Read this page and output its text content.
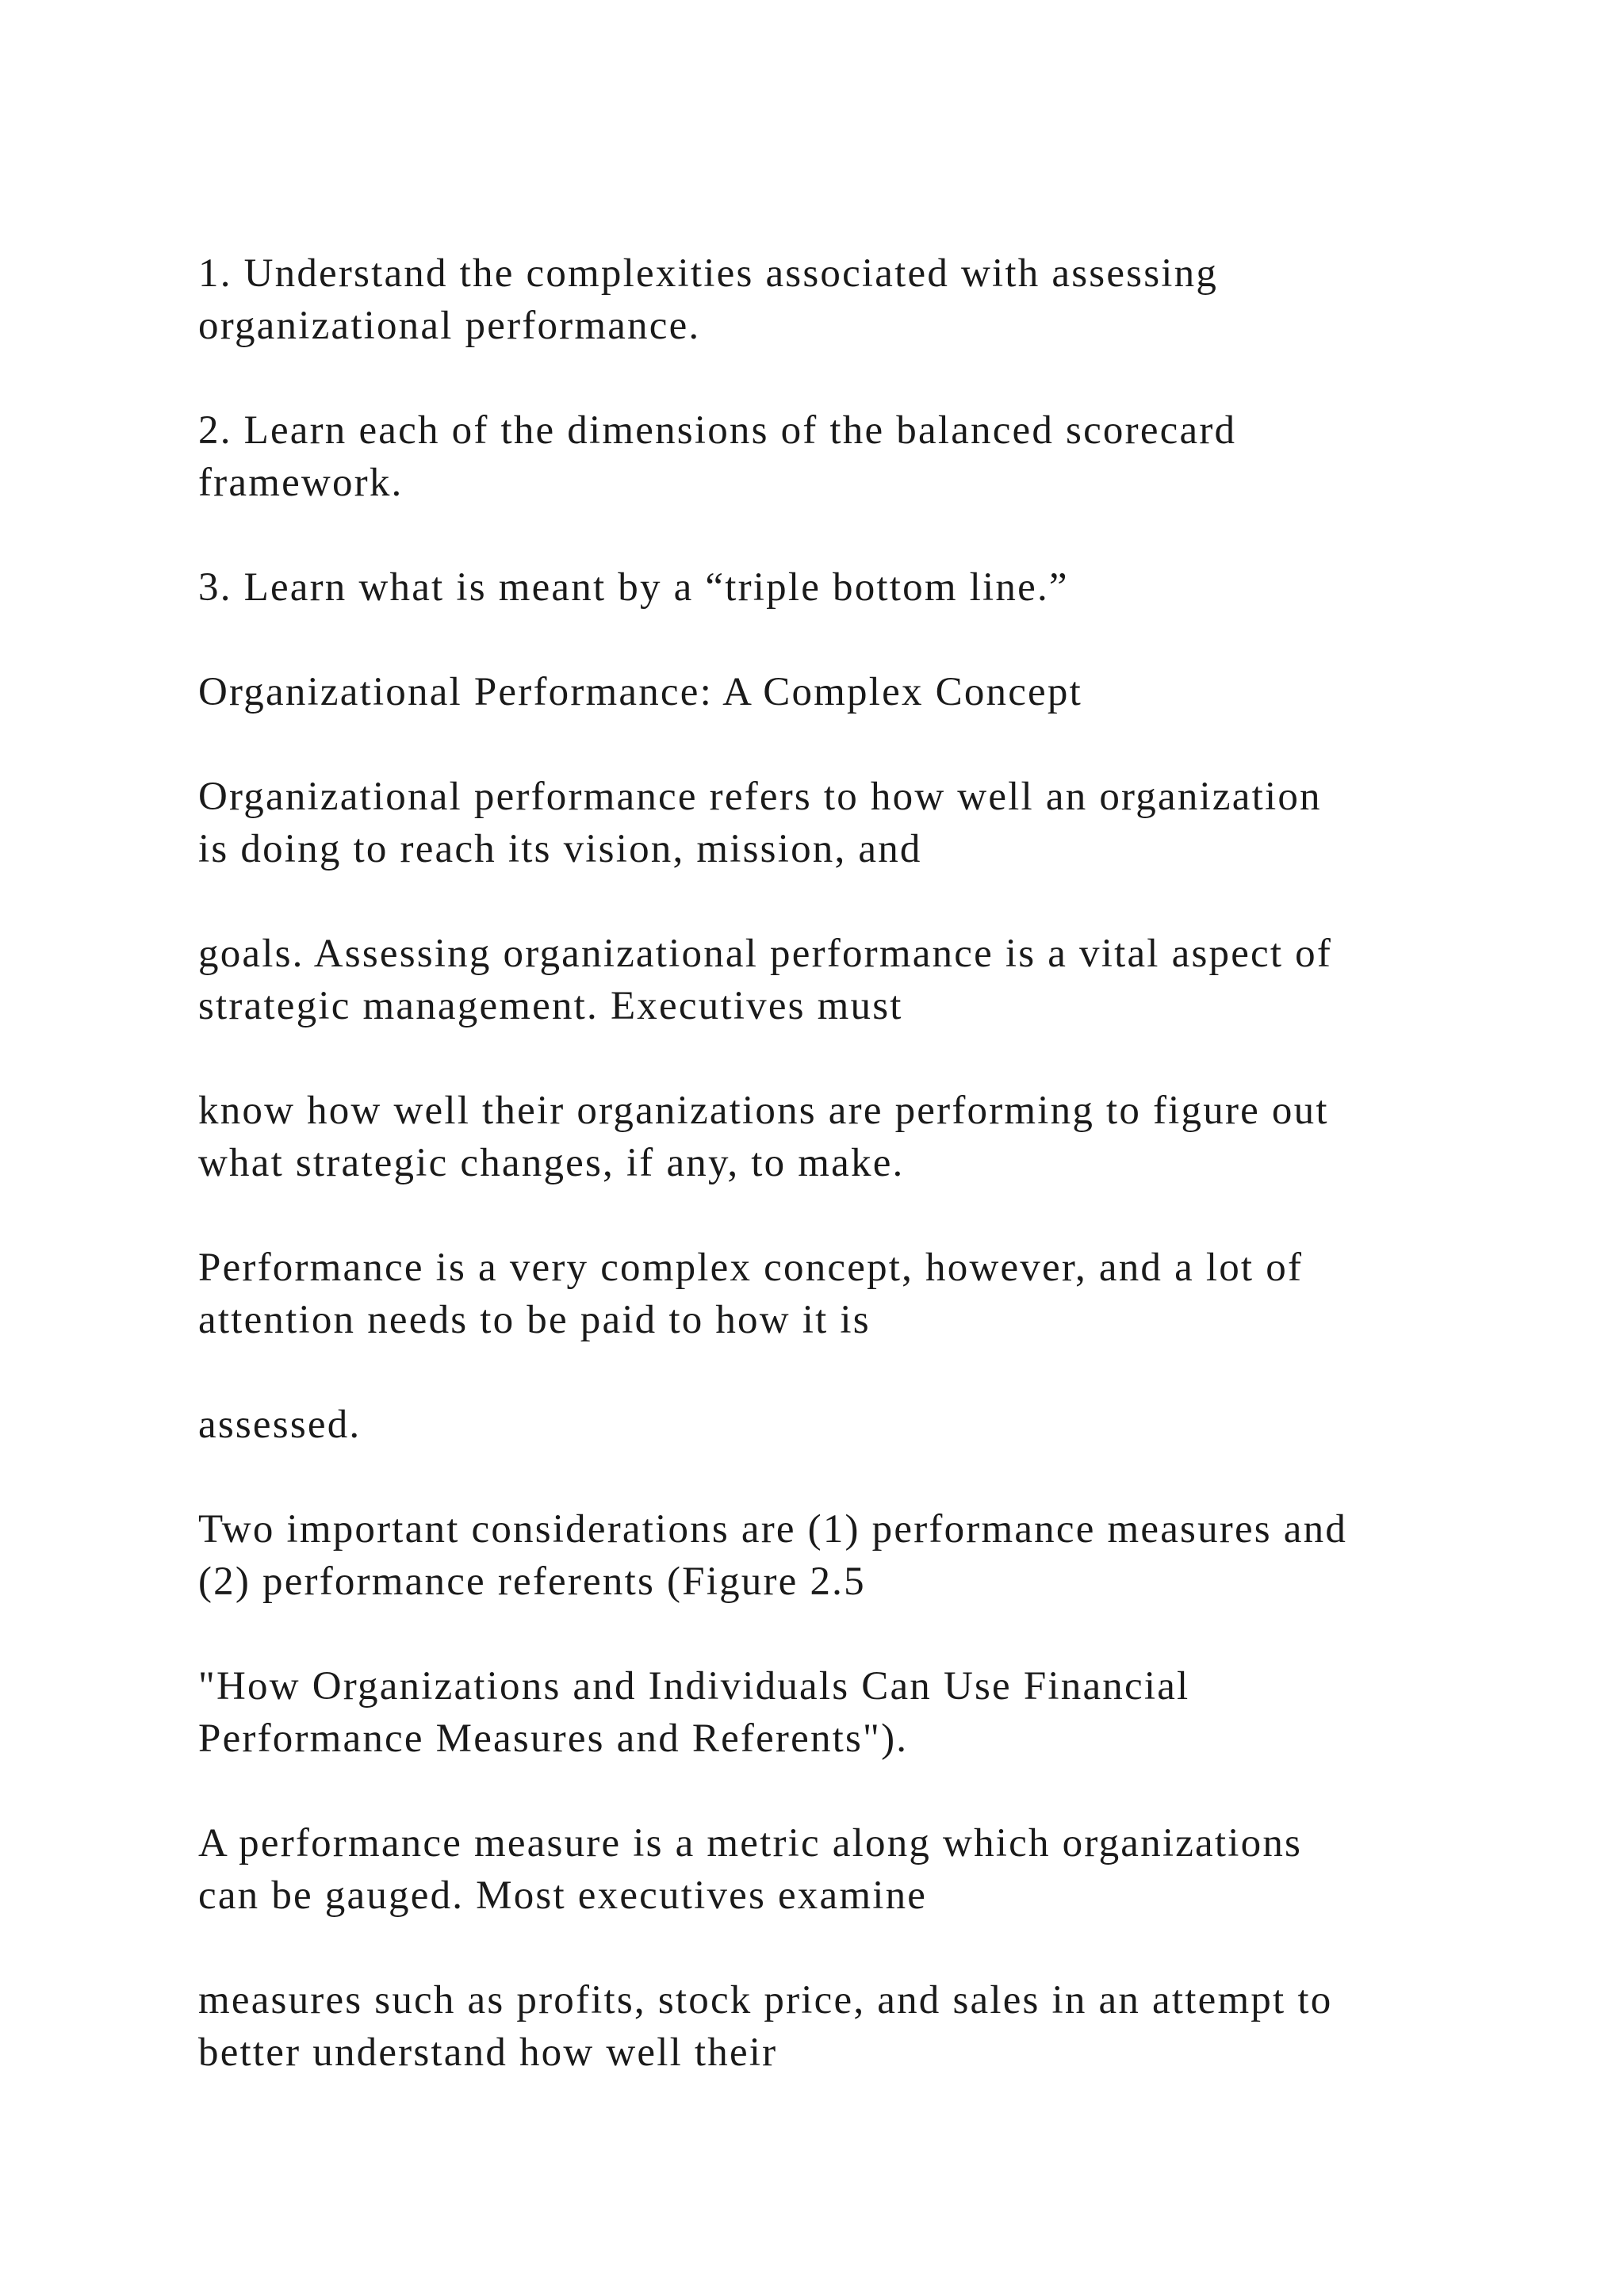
1. Understand the complexities associated with assessing
organizational performance.

2. Learn each of the dimensions of the balanced scorecard
framework.

3. Learn what is meant by a “triple bottom line.”

Organizational Performance: A Complex Concept

Organizational performance refers to how well an organization
is doing to reach its vision, mission, and

goals. Assessing organizational performance is a vital aspect of
strategic management. Executives must

know how well their organizations are performing to figure out
what strategic changes, if any, to make.

Performance is a very complex concept, however, and a lot of
attention needs to be paid to how it is

assessed.

Two important considerations are (1) performance measures and
(2) performance referents (Figure 2.5

"How Organizations and Individuals Can Use Financial
Performance Measures and Referents").

A performance measure is a metric along which organizations
can be gauged. Most executives examine

measures such as profits, stock price, and sales in an attempt to
better understand how well their
